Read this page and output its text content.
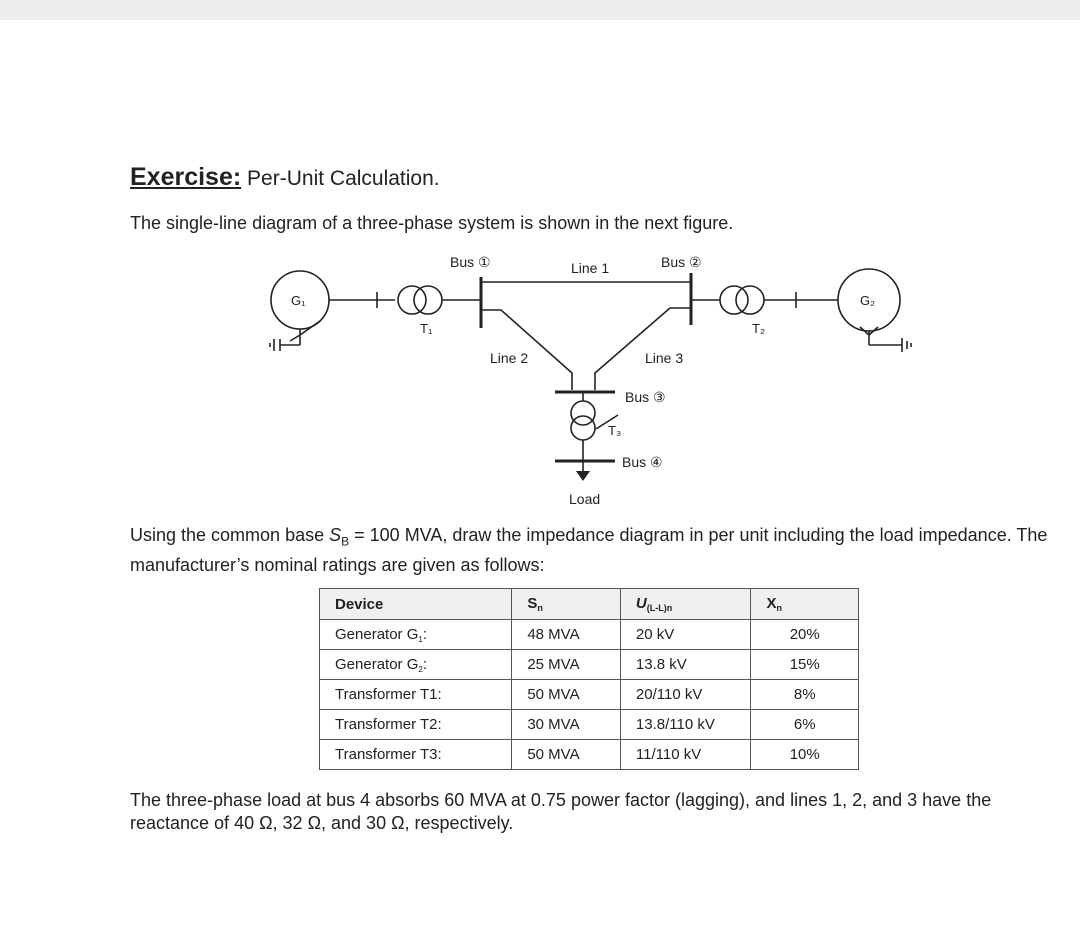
Exercise: Per-Unit Calculation.
The single-line diagram of a three-phase system is shown in the next figure.
Bus ①	Bus ②
Line 1
Line 2	Line 3
Bus ③
Bus ④
Load
G₁	G₂
T₁	T₂
T₃
Using the common base $S_B = 100$ MVA, draw the impedance diagram in per unit including the load impedance. The manufacturer’s nominal ratings are given as follows:
Device	$S_n$	$U_{(L-L)n}$	$X_n$
Generator $G_1$:	48 MVA	20 kV	20%
Generator $G_2$:	25 MVA	13.8 kV	15%
Transformer T1:	50 MVA	20/110 kV	8%
Transformer T2:	30 MVA	13.8/110 kV	6%
Transformer T3:	50 MVA	11/110 kV	10%
The three-phase load at bus 4 absorbs 60 MVA at 0.75 power factor (lagging), and lines 1, 2, and 3 have the reactance of 40 Ω, 32 Ω, and 30 Ω, respectively.
